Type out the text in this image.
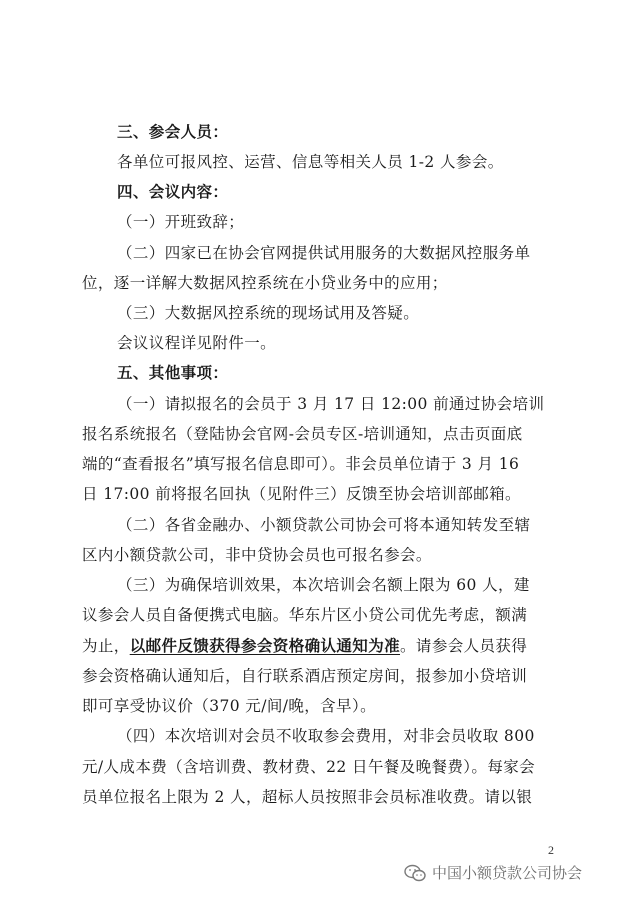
三、参会人员：
各单位可报风控、运营、信息等相关人员 1-2 人参会。
四、会议内容：
（一）开班致辞；
（二）四家已在协会官网提供试用服务的大数据风控服务单
位，逐一详解大数据风控系统在小贷业务中的应用；
（三）大数据风控系统的现场试用及答疑。
会议议程详见附件一。
五、其他事项：
（一）请拟报名的会员于 3 月 17 日 12:00 前通过协会培训
报名系统报名（登陆协会官网-会员专区-培训通知，点击页面底
端的“查看报名”填写报名信息即可）。非会员单位请于 3 月 16
日 17:00 前将报名回执（见附件三）反馈至协会培训部邮箱。
（二）各省金融办、小额贷款公司协会可将本通知转发至辖
区内小额贷款公司，非中贷协会员也可报名参会。
（三）为确保培训效果，本次培训会名额上限为 60 人，建
议参会人员自备便携式电脑。华东片区小贷公司优先考虑，额满
为止，以邮件反馈获得参会资格确认通知为准。请参会人员获得
参会资格确认通知后，自行联系酒店预定房间，报参加小贷培训
即可享受协议价（370 元/间/晚，含早）。
（四）本次培训对会员不收取参会费用，对非会员收取 800
元/人成本费（含培训费、教材费、22 日午餐及晚餐费）。每家会
员单位报名上限为 2 人，超标人员按照非会员标准收费。请以银
2
中国小额贷款公司协会
